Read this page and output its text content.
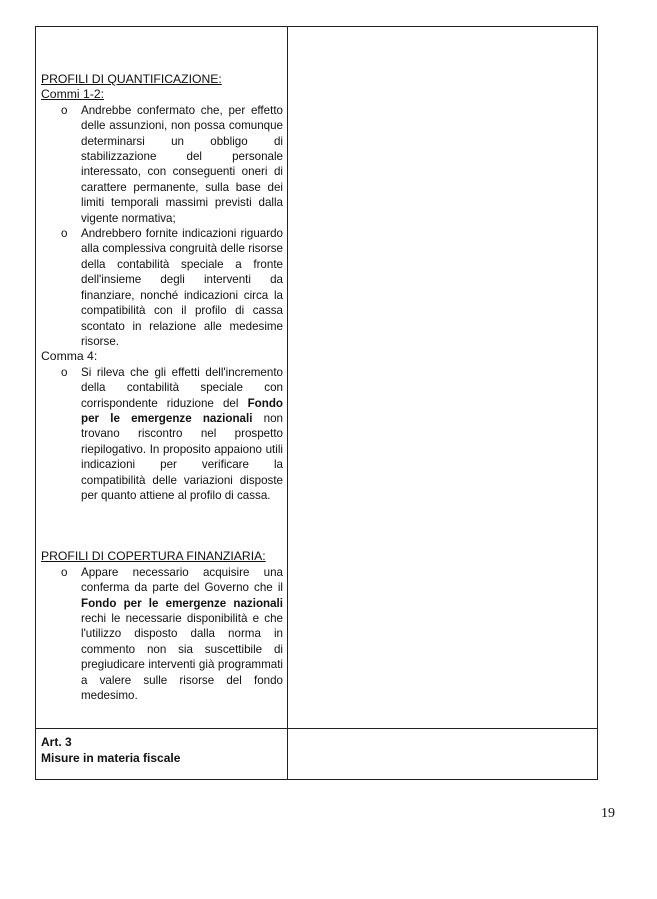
PROFILI DI QUANTIFICAZIONE:

Commi 1-2:

o Andrebbe confermato che, per effetto delle assunzioni, non possa comunque determinarsi un obbligo di stabilizzazione del personale interessato, con conseguenti oneri di carattere permanente, sulla base dei limiti temporali massimi previsti dalla vigente normativa;
o Andrebbero fornite indicazioni riguardo alla complessiva congruità delle risorse della contabilità speciale a fronte dell'insieme degli interventi da finanziare, nonché indicazioni circa la compatibilità con il profilo di cassa scontato in relazione alle medesime risorse.

Comma 4:

o Si rileva che gli effetti dell'incremento della contabilità speciale con corrispondente riduzione del Fondo per le emergenze nazionali non trovano riscontro nel prospetto riepilogativo. In proposito appaiono utili indicazioni per verificare la compatibilità delle variazioni disposte per quanto attiene al profilo di cassa.

PROFILI DI COPERTURA FINANZIARIA:

o Appare necessario acquisire una conferma da parte del Governo che il Fondo per le emergenze nazionali rechi le necessarie disponibilità e che l'utilizzo disposto dalla norma in commento non sia suscettibile di pregiudicare interventi già programmati a valere sulle risorse del fondo medesimo.
Art. 3
Misure in materia fiscale
19
